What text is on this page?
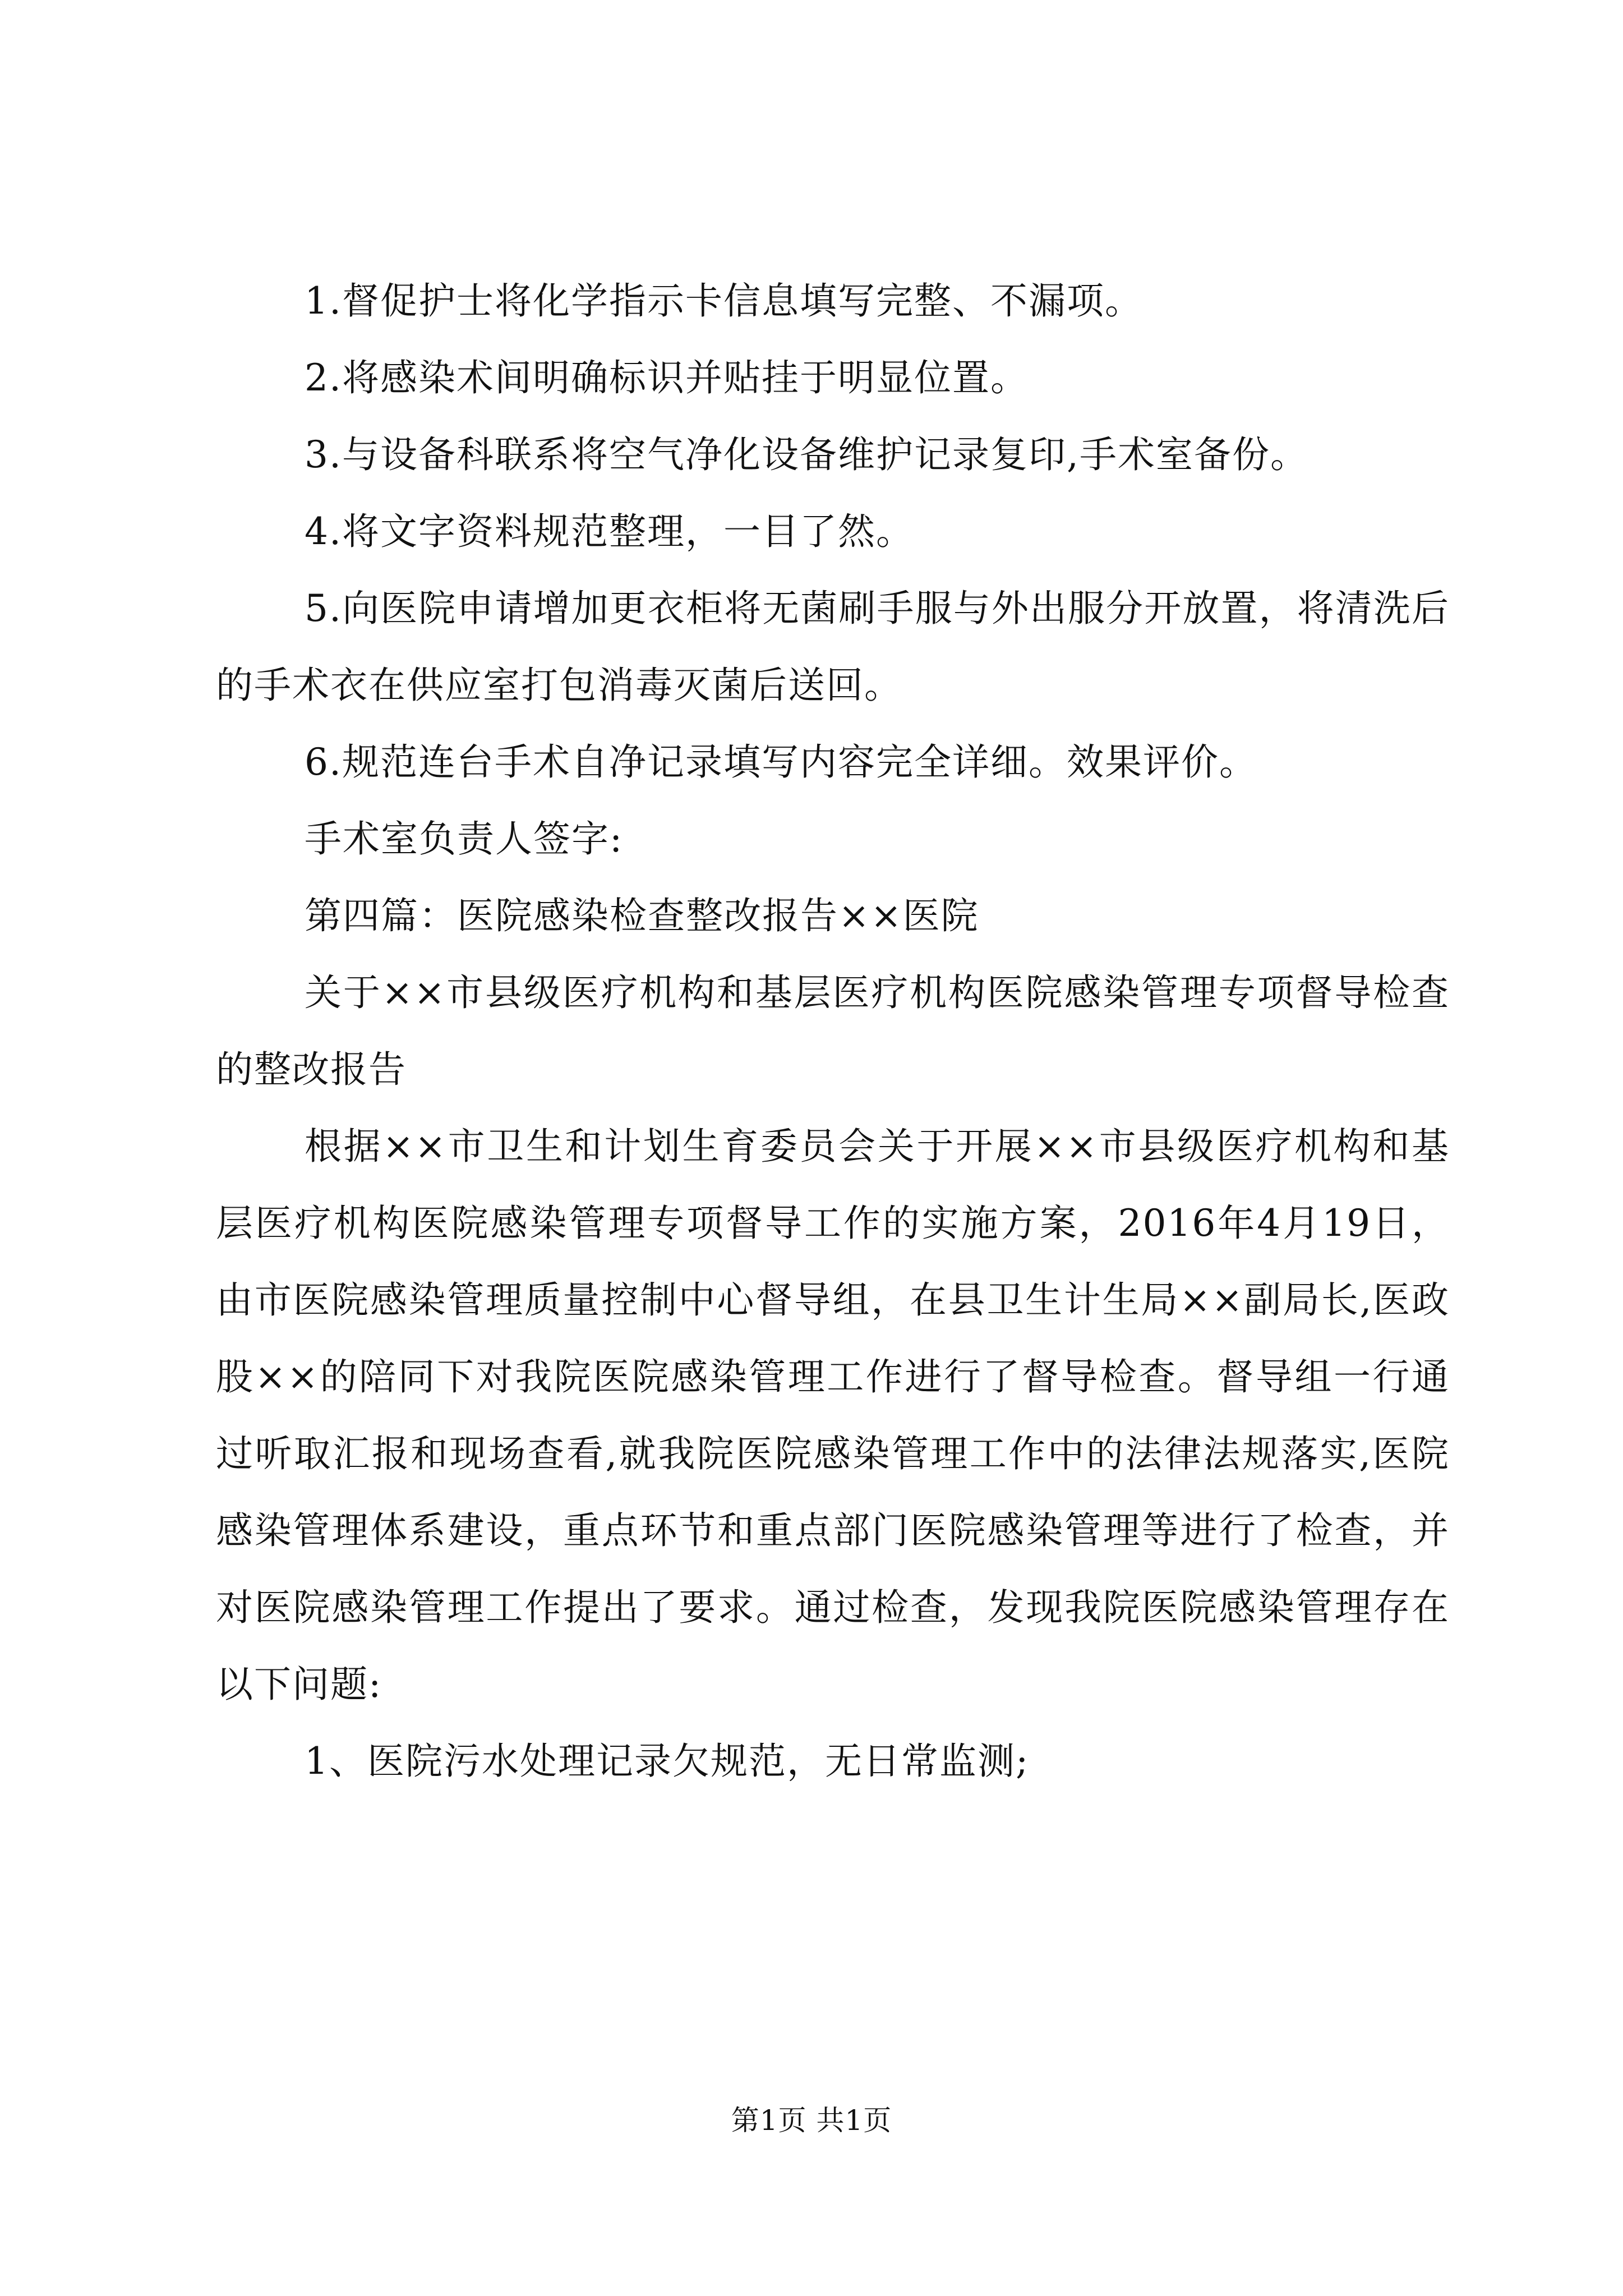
1.督促护士将化学指示卡信息填写完整、不漏项。

2.将感染术间明确标识并贴挂于明显位置。

3.与设备科联系将空气净化设备维护记录复印,手术室备份。

4.将文字资料规范整理，一目了然。

5.向医院申请增加更衣柜将无菌刷手服与外出服分开放置，将清洗后的手术衣在供应室打包消毒灭菌后送回。

6.规范连台手术自净记录填写内容完全详细。效果评价。

手术室负责人签字:

第四篇：医院感染检查整改报告××医院

关于××市县级医疗机构和基层医疗机构医院感染管理专项督导检查的整改报告

根据××市卫生和计划生育委员会关于开展××市县级医疗机构和基层医疗机构医院感染管理专项督导工作的实施方案，2016年4月19日，由市医院感染管理质量控制中心督导组，在县卫生计生局××副局长,医政股××的陪同下对我院医院感染管理工作进行了督导检查。督导组一行通过听取汇报和现场查看,就我院医院感染管理工作中的法律法规落实,医院感染管理体系建设，重点环节和重点部门医院感染管理等进行了检查，并对医院感染管理工作提出了要求。通过检查，发现我院医院感染管理存在以下问题:

1、医院污水处理记录欠规范，无日常监测;

第1页 共1页
